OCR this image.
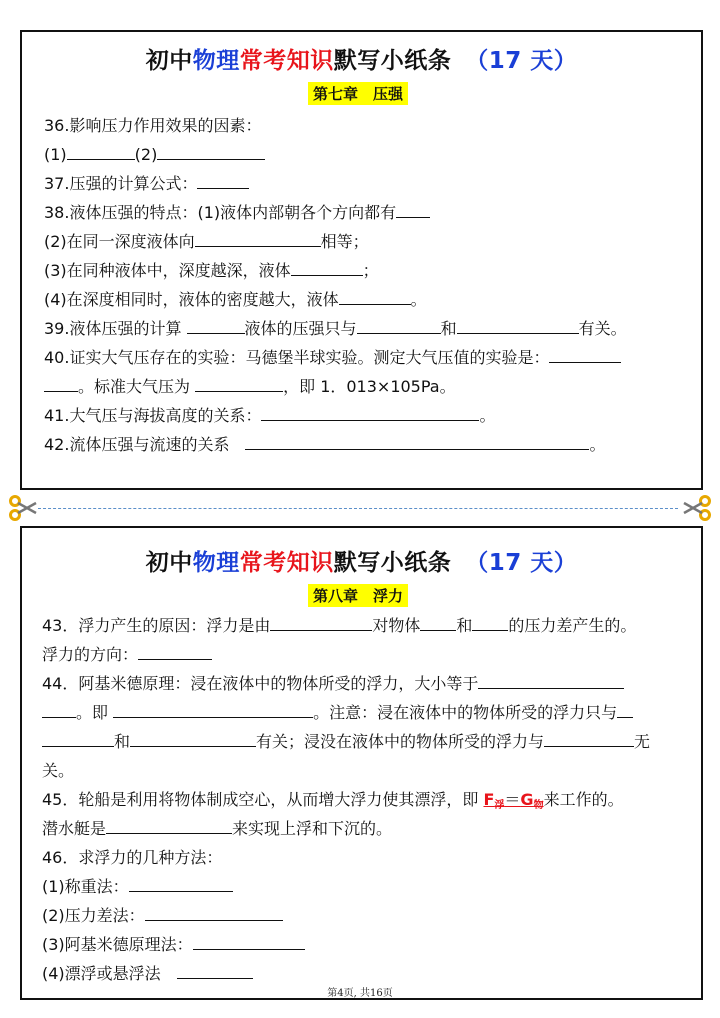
初中物理常考知识默写小纸条 （17 天）
第七章　压强
36.影响压力作用效果的因素：
(1)	(2)
37.压强的计算公式：
38.液体压强的特点：(1)液体内部朝各个方向都有
(2)在同一深度液体向	相等；
(3)在同种液体中，深度越深，液体	；
(4)在深度相同时，液体的密度越大，液体	。
39.液体压强的计算	液体的压强只与	和	有关。
40.证实大气压存在的实验：马德堡半球实验。测定大气压值的实验是：
。标准大气压为	，即 1．013×105Pa。
41.大气压与海拔高度的关系：	。
42.流体压强与流速的关系　	。
初中物理常考知识默写小纸条 （17 天）
第八章　浮力
43．浮力产生的原因：浮力是由	对物体 和 的压力差产生的。
浮力的方向：
44．阿基米德原理：浸在液体中的物体所受的浮力，大小等于
。即	。注意：浸在液体中的物体所受的浮力只与
和	有关；浸没在液体中的物体所受的浮力与	无
关。
45．轮船是利用将物体制成空心，从而增大浮力使其漂浮，即 $F_浮=G_物$来工作的。
潜水艇是	来实现上浮和下沉的。
46．求浮力的几种方法：
(1)称重法：
(2)压力差法：
(3)阿基米德原理法：
(4)漂浮或悬浮法　
第4页, 共16页
